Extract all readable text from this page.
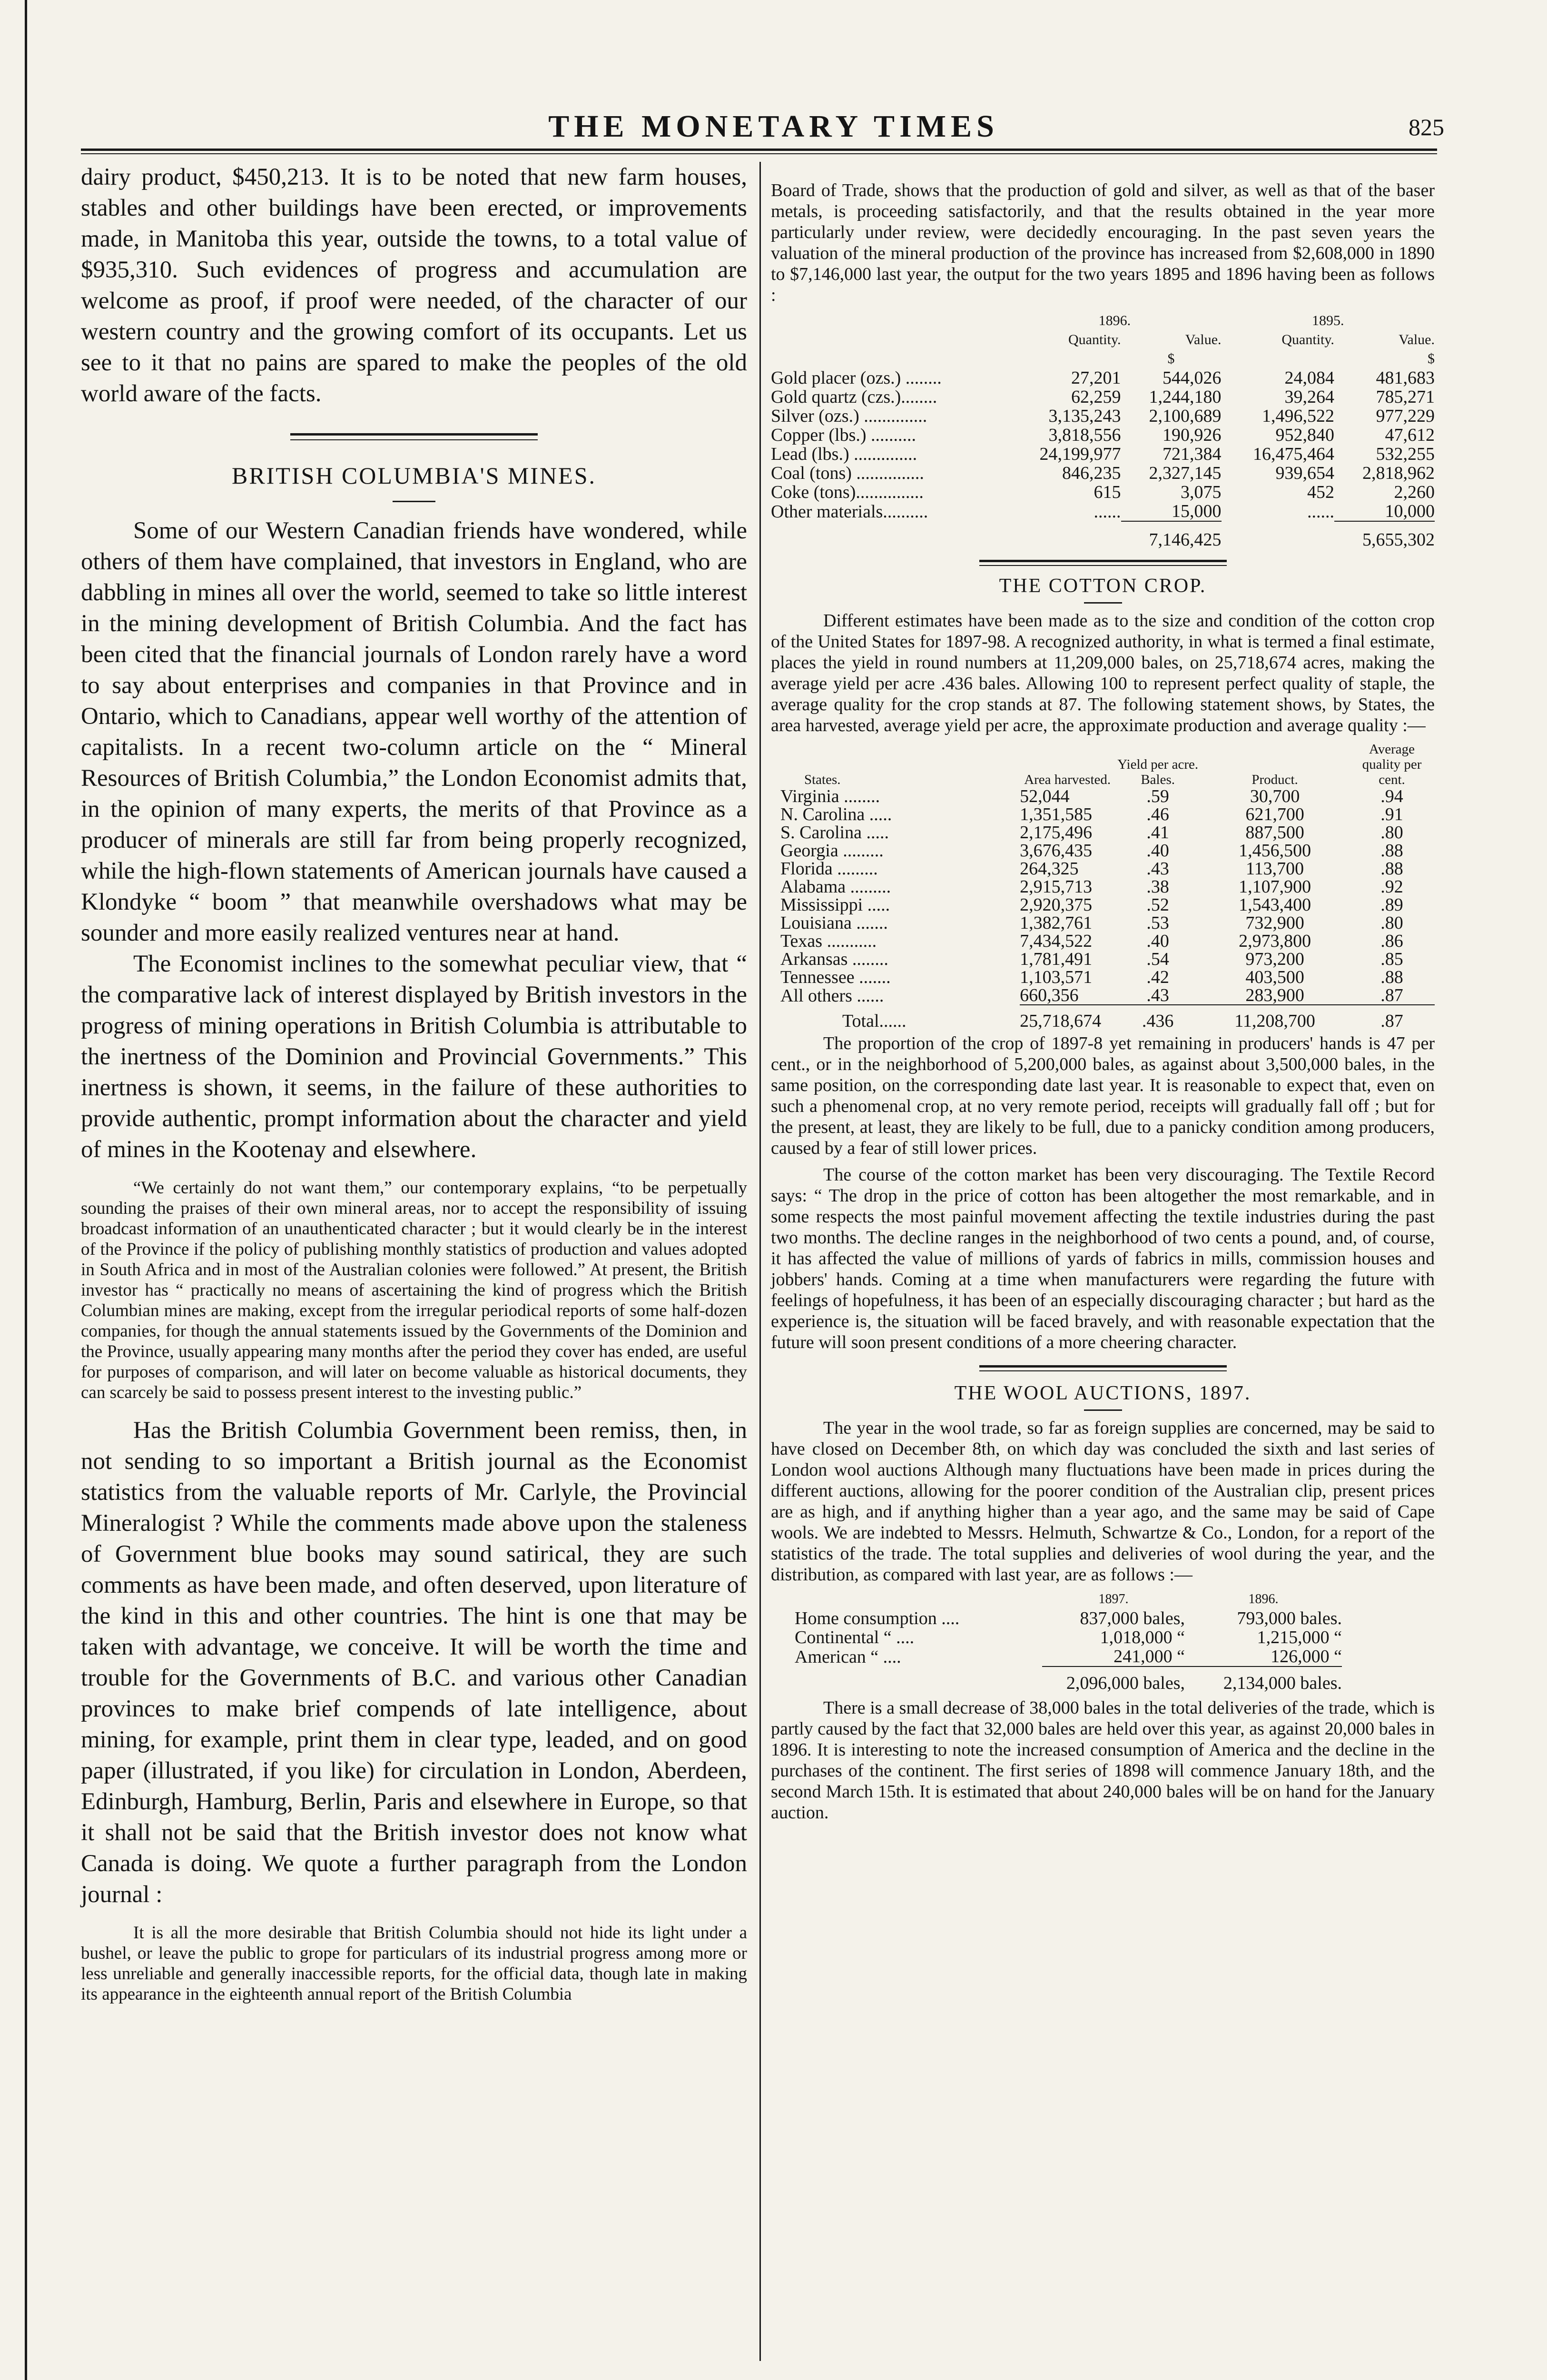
THE MONETARY TIMES	825

dairy product, $450,213. It is to be noted that new farm houses, stables and other buildings have been erected, or improvements made, in Manitoba this year, outside the towns, to a total value of $935,310. Such evidences of progress and accumulation are welcome as proof, if proof were needed, of the character of our western country and the growing comfort of its occupants. Let us see to it that no pains are spared to make the peoples of the old world aware of the facts.

BRITISH COLUMBIA'S MINES.

Some of our Western Canadian friends have wondered, while others of them have complained, that investors in England, who are dabbling in mines all over the world, seemed to take so little interest in the mining development of British Columbia. And the fact has been cited that the financial journals of London rarely have a word to say about enterprises and companies in that Province and in Ontario, which to Canadians, appear well worthy of the attention of capitalists. In a recent two-column article on the “ Mineral Resources of British Columbia,” the London Economist admits that, in the opinion of many experts, the merits of that Province as a producer of minerals are still far from being properly recognized, while the high-flown statements of American journals have caused a Klondyke “ boom ” that meanwhile overshadows what may be sounder and more easily realized ventures near at hand.

The Economist inclines to the somewhat peculiar view, that “ the comparative lack of interest displayed by British investors in the progress of mining operations in British Columbia is attributable to the inertness of the Dominion and Provincial Governments.” This inertness is shown, it seems, in the failure of these authorities to provide authentic, prompt information about the character and yield of mines in the Kootenay and elsewhere.

“We certainly do not want them,” our contemporary explains, “to be perpetually sounding the praises of their own mineral areas, nor to accept the responsibility of issuing broadcast information of an unauthenticated character ; but it would clearly be in the interest of the Province if the policy of publishing monthly statistics of production and values adopted in South Africa and in most of the Australian colonies were followed.” At present, the British investor has “ practically no means of ascertaining the kind of progress which the British Columbian mines are making, except from the irregular periodical reports of some half-dozen companies, for though the annual statements issued by the Governments of the Dominion and the Province, usually appearing many months after the period they cover has ended, are useful for purposes of comparison, and will later on become valuable as historical documents, they can scarcely be said to possess present interest to the investing public.”

Has the British Columbia Government been remiss, then, in not sending to so important a British journal as the Economist statistics from the valuable reports of Mr. Carlyle, the Provincial Mineralogist ? While the comments made above upon the staleness of Government blue books may sound satirical, they are such comments as have been made, and often deserved, upon literature of the kind in this and other countries. The hint is one that may be taken with advantage, we conceive. It will be worth the time and trouble for the Governments of B.C. and various other Canadian provinces to make brief compends of late intelligence, about mining, for example, print them in clear type, leaded, and on good paper (illustrated, if you like) for circulation in London, Aberdeen, Edinburgh, Hamburg, Berlin, Paris and elsewhere in Europe, so that it shall not be said that the British investor does not know what Canada is doing. We quote a further paragraph from the London journal :

It is all the more desirable that British Columbia should not hide its light under a bushel, or leave the public to grope for particulars of its industrial progress among more or less unreliable and generally inaccessible reports, for the official data, though late in making its appearance in the eighteenth annual report of the British Columbia

Board of Trade, shows that the production of gold and silver, as well as that of the baser metals, is proceeding satisfactorily, and that the results obtained in the year more particularly under review, were decidedly encouraging. In the past seven years the valuation of the mineral production of the province has increased from $2,608,000 in 1890 to $7,146,000 last year, the output for the two years 1895 and 1896 having been as follows :

	1896.		1895.	
	Quantity.	Value.	Quantity.	Value.
		$		$
Gold placer (ozs.) ........	27,201	544,026	24,084	481,683
Gold quartz (czs.)........	62,259	1,244,180	39,264	785,271
Silver (ozs.) ..............	3,135,243	2,100,689	1,496,522	977,229
Copper (lbs.) ..........	3,818,556	190,926	952,840	47,612
Lead (lbs.) ..............	24,199,977	721,384	16,475,464	532,255
Coal (tons) ...............	846,235	2,327,145	939,654	2,818,962
Coke (tons)...............	615	3,075	452	2,260
Other materials..........	......	15,000	......	10,000
		7,146,425		5,655,302
THE COTTON CROP.

Different estimates have been made as to the size and condition of the cotton crop of the United States for 1897-98. A recognized authority, in what is termed a final estimate, places the yield in round numbers at 11,209,000 bales, on 25,718,674 acres, making the average yield per acre .436 bales. Allowing 100 to represent perfect quality of staple, the average quality for the crop stands at 87. The following statement shows, by States, the area harvested, average yield per acre, the approximate production and average quality :—

States.	Area harvested.	Yield per acre. Bales.	Product.	Average quality per cent.
Virginia ........	52,044	.59	30,700	.94
N. Carolina .....	1,351,585	.46	621,700	.91
S. Carolina .....	2,175,496	.41	887,500	.80
Georgia .........	3,676,435	.40	1,456,500	.88
Florida .........	264,325	.43	113,700	.88
Alabama .........	2,915,713	.38	1,107,900	.92
Mississippi .....	2,920,375	.52	1,543,400	.89
Louisiana .......	1,382,761	.53	732,900	.80
Texas ...........	7,434,522	.40	2,973,800	.86
Arkansas ........	1,781,491	.54	973,200	.85
Tennessee .......	1,103,571	.42	403,500	.88
All others ......	660,356	.43	283,900	.87
Total......	25,718,674	.436	11,208,700	.87

The proportion of the crop of 1897-8 yet remaining in producers' hands is 47 per cent., or in the neighborhood of 5,200,000 bales, as against about 3,500,000 bales, in the same position, on the corresponding date last year. It is reasonable to expect that, even on such a phenomenal crop, at no very remote period, receipts will gradually fall off ; but for the present, at least, they are likely to be full, due to a panicky condition among producers, caused by a fear of still lower prices.

The course of the cotton market has been very discouraging. The Textile Record says: “ The drop in the price of cotton has been altogether the most remarkable, and in some respects the most painful movement affecting the textile industries during the past two months. The decline ranges in the neighborhood of two cents a pound, and, of course, it has affected the value of millions of yards of fabrics in mills, commission houses and jobbers' hands. Coming at a time when manufacturers were regarding the future with feelings of hopefulness, it has been of an especially discouraging character ; but hard as the experience is, the situation will be faced bravely, and with reasonable expectation that the future will soon present conditions of a more cheering character.

THE WOOL AUCTIONS, 1897.

The year in the wool trade, so far as foreign supplies are concerned, may be said to have closed on December 8th, on which day was concluded the sixth and last series of London wool auctions Although many fluctuations have been made in prices during the different auctions, allowing for the poorer condition of the Australian clip, present prices are as high, and if anything higher than a year ago, and the same may be said of Cape wools. We are indebted to Messrs. Helmuth, Schwartze & Co., London, for a report of the statistics of the trade. The total supplies and deliveries of wool during the year, and the distribution, as compared with last year, are as follows :—

	1897.	1896.
Home consumption ....	837,000 bales,	793,000 bales.
Continental “ ....	1,018,000 “	1,215,000 “
American “ ....	241,000 “	126,000 “
	2,096,000 bales,	2,134,000 bales.

There is a small decrease of 38,000 bales in the total deliveries of the trade, which is partly caused by the fact that 32,000 bales are held over this year, as against 20,000 bales in 1896. It is interesting to note the increased consumption of America and the decline in the purchases of the continent. The first series of 1898 will commence January 18th, and the second March 15th. It is estimated that about 240,000 bales will be on hand for the January auction.
